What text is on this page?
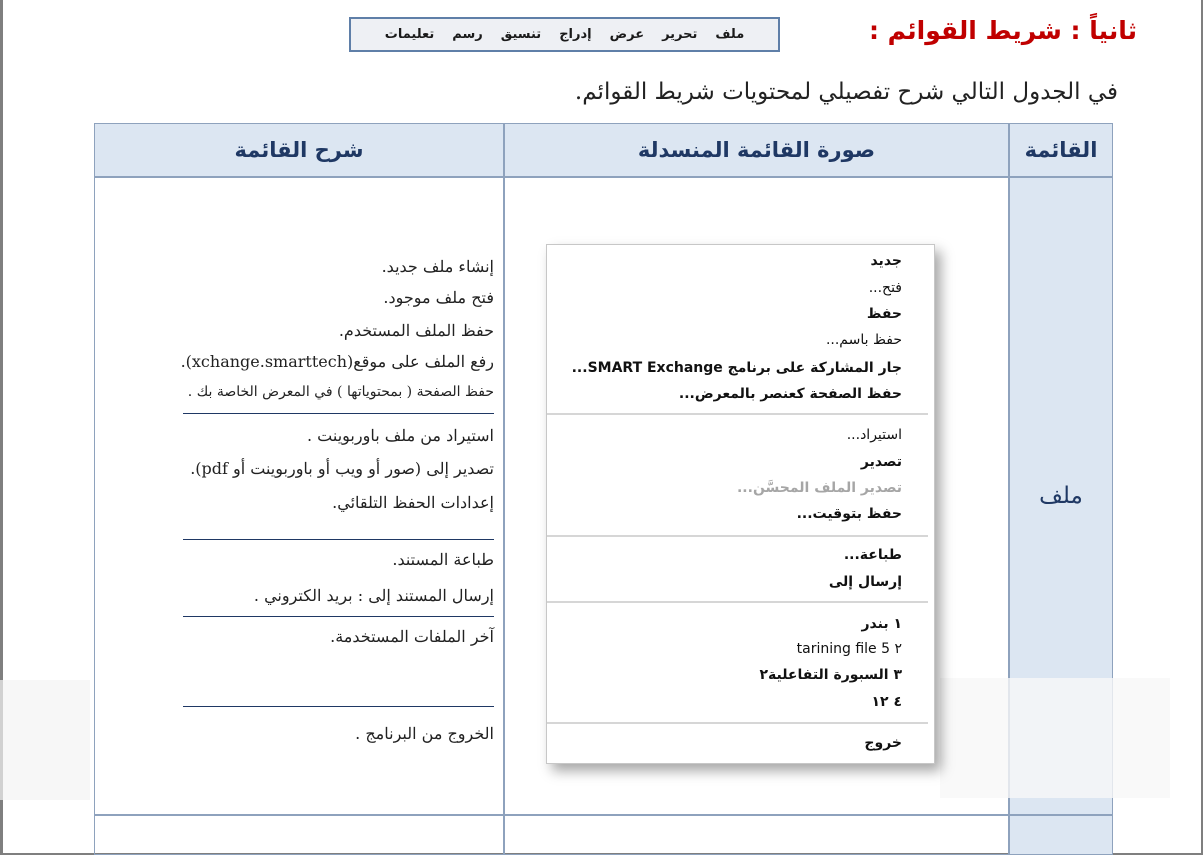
ثانياً : شريط القوائم :
ملف
تحرير
عرض
إدراج
تنسيق
رسم
تعليمات
في الجدول التالي شرح تفصيلي لمحتويات شريط القوائم.
القائمة
صورة القائمة المنسدلة
شرح القائمة
ملف
جديد
فتح...
حفظ
حفظ باسم...
جار المشاركة على برنامج SMART Exchange...
حفظ الصفحة كعنصر بالمعرض...
استيراد...
تصدير
تصدير الملف المحسَّن...
حفظ بتوقيت...
طباعة...
إرسال إلى
١ بندر
٢ tarining file 5
٣ السبورة التفاعلية٢
٤ ١٢
خروج
إنشاء ملف جديد.
فتح ملف موجود.
حفظ الملف المستخدم.
رفع الملف على موقع(xchange.smarttech).
حفظ الصفحة ( بمحتوياتها ) في المعرض الخاصة بك .
استيراد من ملف باوربوينت .
تصدير إلى (صور أو ويب أو باوربوينت أو pdf).
إعدادات الحفظ التلقائي.
طباعة المستند.
إرسال المستند إلى : بريد الكتروني .
آخر الملفات المستخدمة.
الخروج من البرنامج .
